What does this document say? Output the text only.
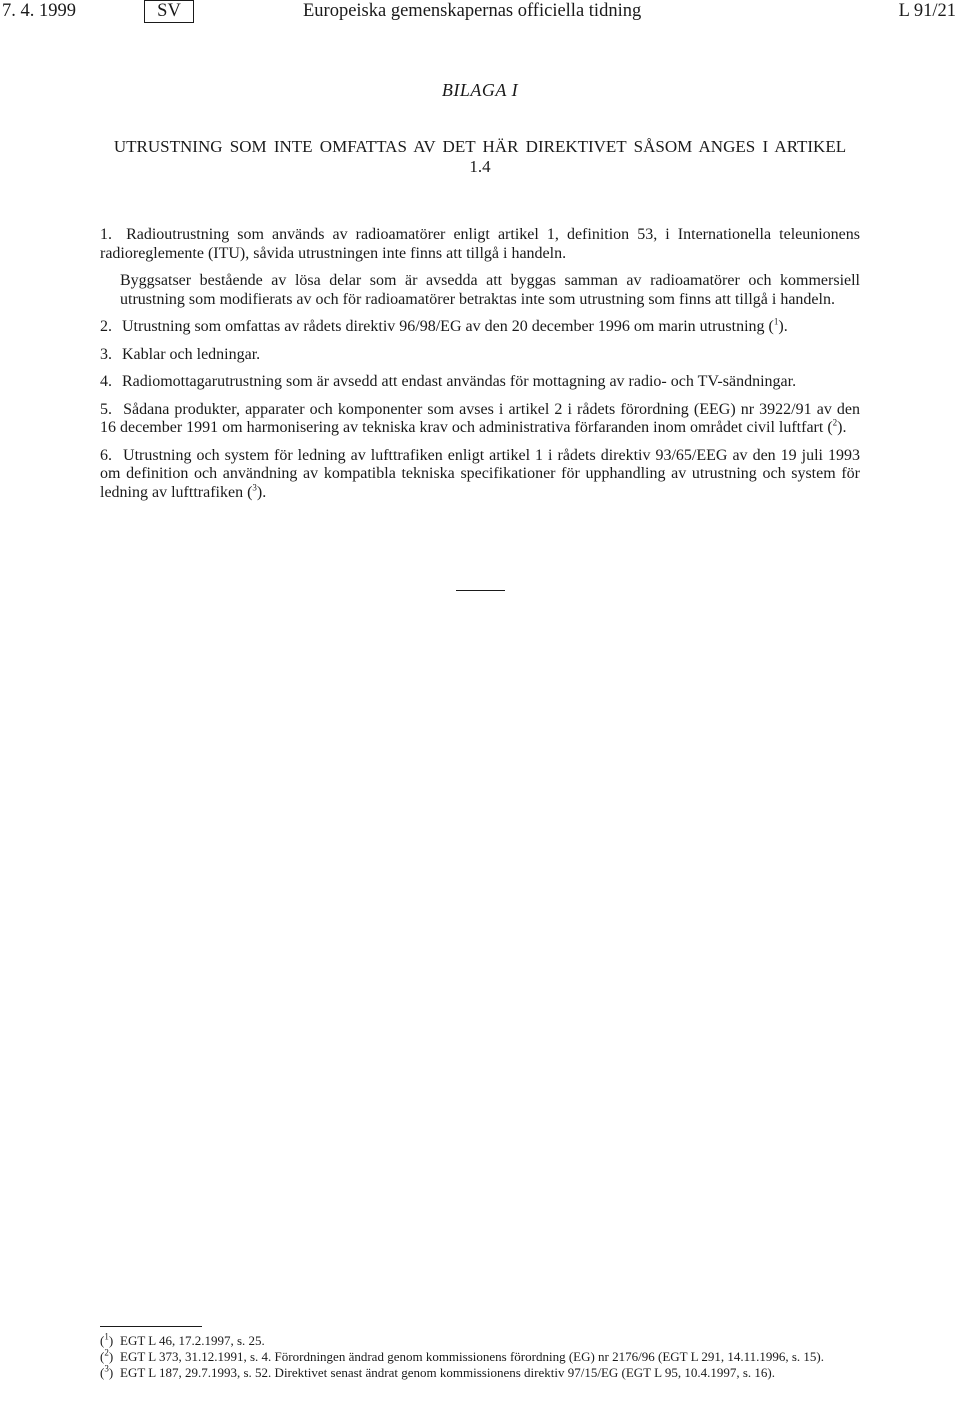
7. 4. 1999	SV	Europeiska gemenskapernas officiella tidning	L 91/21
BILAGA I
UTRUSTNING SOM INTE OMFATTAS AV DET HÄR DIREKTIVET SÅSOM ANGES I ARTIKEL 1.4

1. Radioutrustning som används av radioamatörer enligt artikel 1, definition 53, i Internationella teleunionens radioreglemente (ITU), såvida utrustningen inte finns att tillgå i handeln.

Byggsatser bestående av lösa delar som är avsedda att byggas samman av radioamatörer och kommersiell utrustning som modifierats av och för radioamatörer betraktas inte som utrustning som finns att tillgå i handeln.

2. Utrustning som omfattas av rådets direktiv 96/98/EG av den 20 december 1996 om marin utrustning ($^1$).

3. Kablar och ledningar.

4. Radiomottagarutrustning som är avsedd att endast användas för mottagning av radio- och TV-sändningar.

5. Sådana produkter, apparater och komponenter som avses i artikel 2 i rådets förordning (EEG) nr 3922/91 av den 16 december 1991 om harmonisering av tekniska krav och administrativa förfaranden inom området civil luftfart ($^2$).

6. Utrustning och system för ledning av lufttrafiken enligt artikel 1 i rådets direktiv 93/65/EEG av den 19 juli 1993 om definition och användning av kompatibla tekniska specifikationer för upphandling av utrustning och system för ledning av lufttrafiken ($^3$).

($^1$) EGT L 46, 17.2.1997, s. 25.

($^2$) EGT L 373, 31.12.1991, s. 4. Förordningen ändrad genom kommissionens förordning (EG) nr 2176/96 (EGT L 291, 14.11.1996, s. 15).

($^3$) EGT L 187, 29.7.1993, s. 52. Direktivet senast ändrat genom kommissionens direktiv 97/15/EG (EGT L 95, 10.4.1997, s. 16).
